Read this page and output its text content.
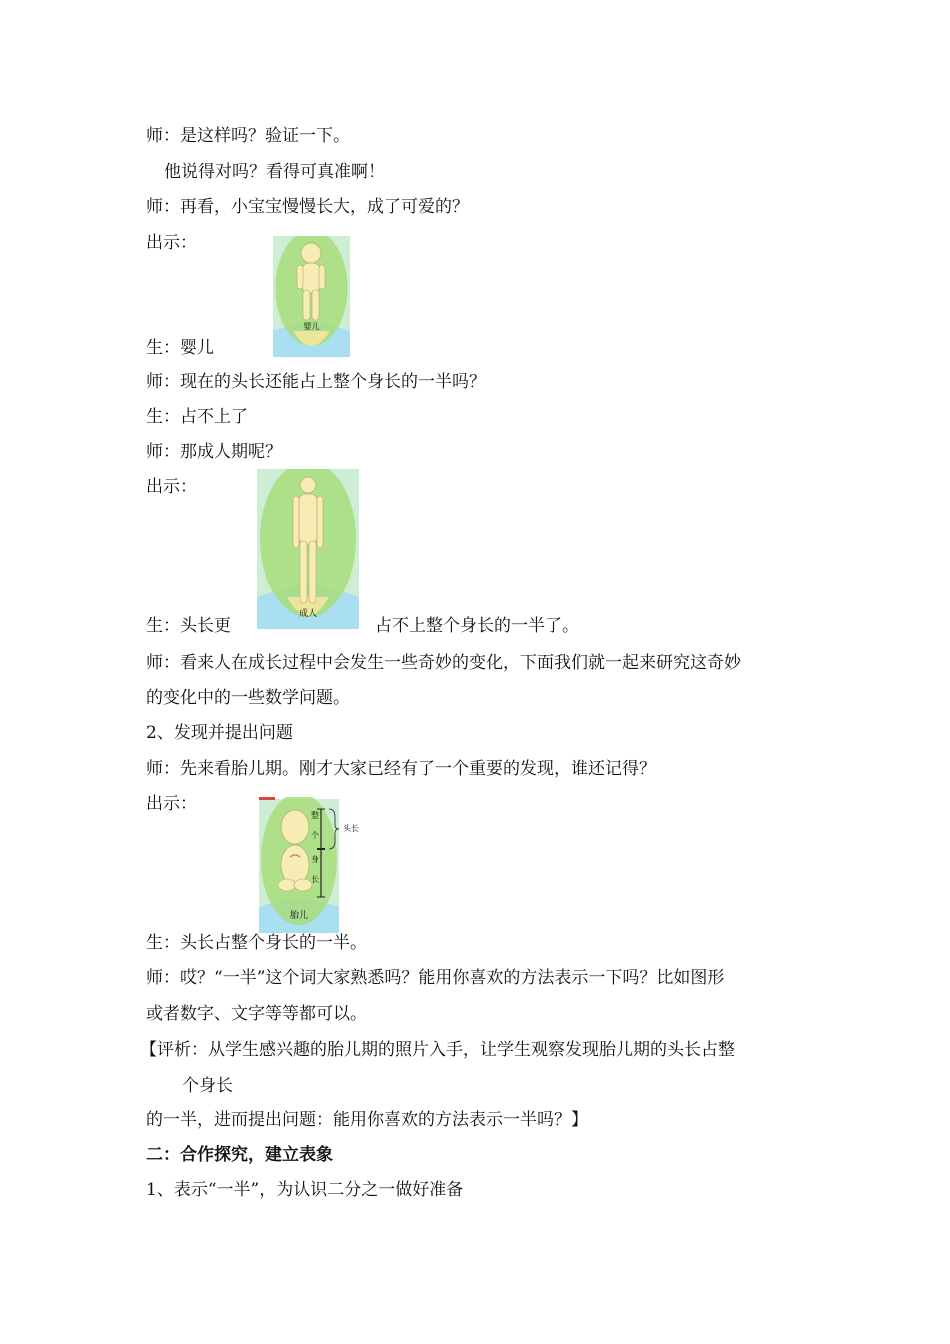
师：是这样吗？验证一下。
他说得对吗？看得可真准啊！
师：再看，小宝宝慢慢长大，成了可爱的？
出示：
婴儿
生：婴儿
师：现在的头长还能占上整个身长的一半吗？
生：占不上了
师：那成人期呢？
出示：
成人
生：头长更	占不上整个身长的一半了。
师：看来人在成长过程中会发生一些奇妙的变化，下面我们就一起来研究这奇妙
的变化中的一些数学问题。
2、发现并提出问题
师：先来看胎儿期。刚才大家已经有了一个重要的发现，谁还记得？
出示：
整
个
身
长
头长
胎儿
生：头长占整个身长的一半。
师：哎？“一半”这个词大家熟悉吗？能用你喜欢的方法表示一下吗？比如图形
或者数字、文字等等都可以。
【评析：从学生感兴趣的胎儿期的照片入手，让学生观察发现胎儿期的头长占整
个身长
的一半，进而提出问题：能用你喜欢的方法表示一半吗？】
二：合作探究，建立表象
1、表示“一半”，为认识二分之一做好准备
